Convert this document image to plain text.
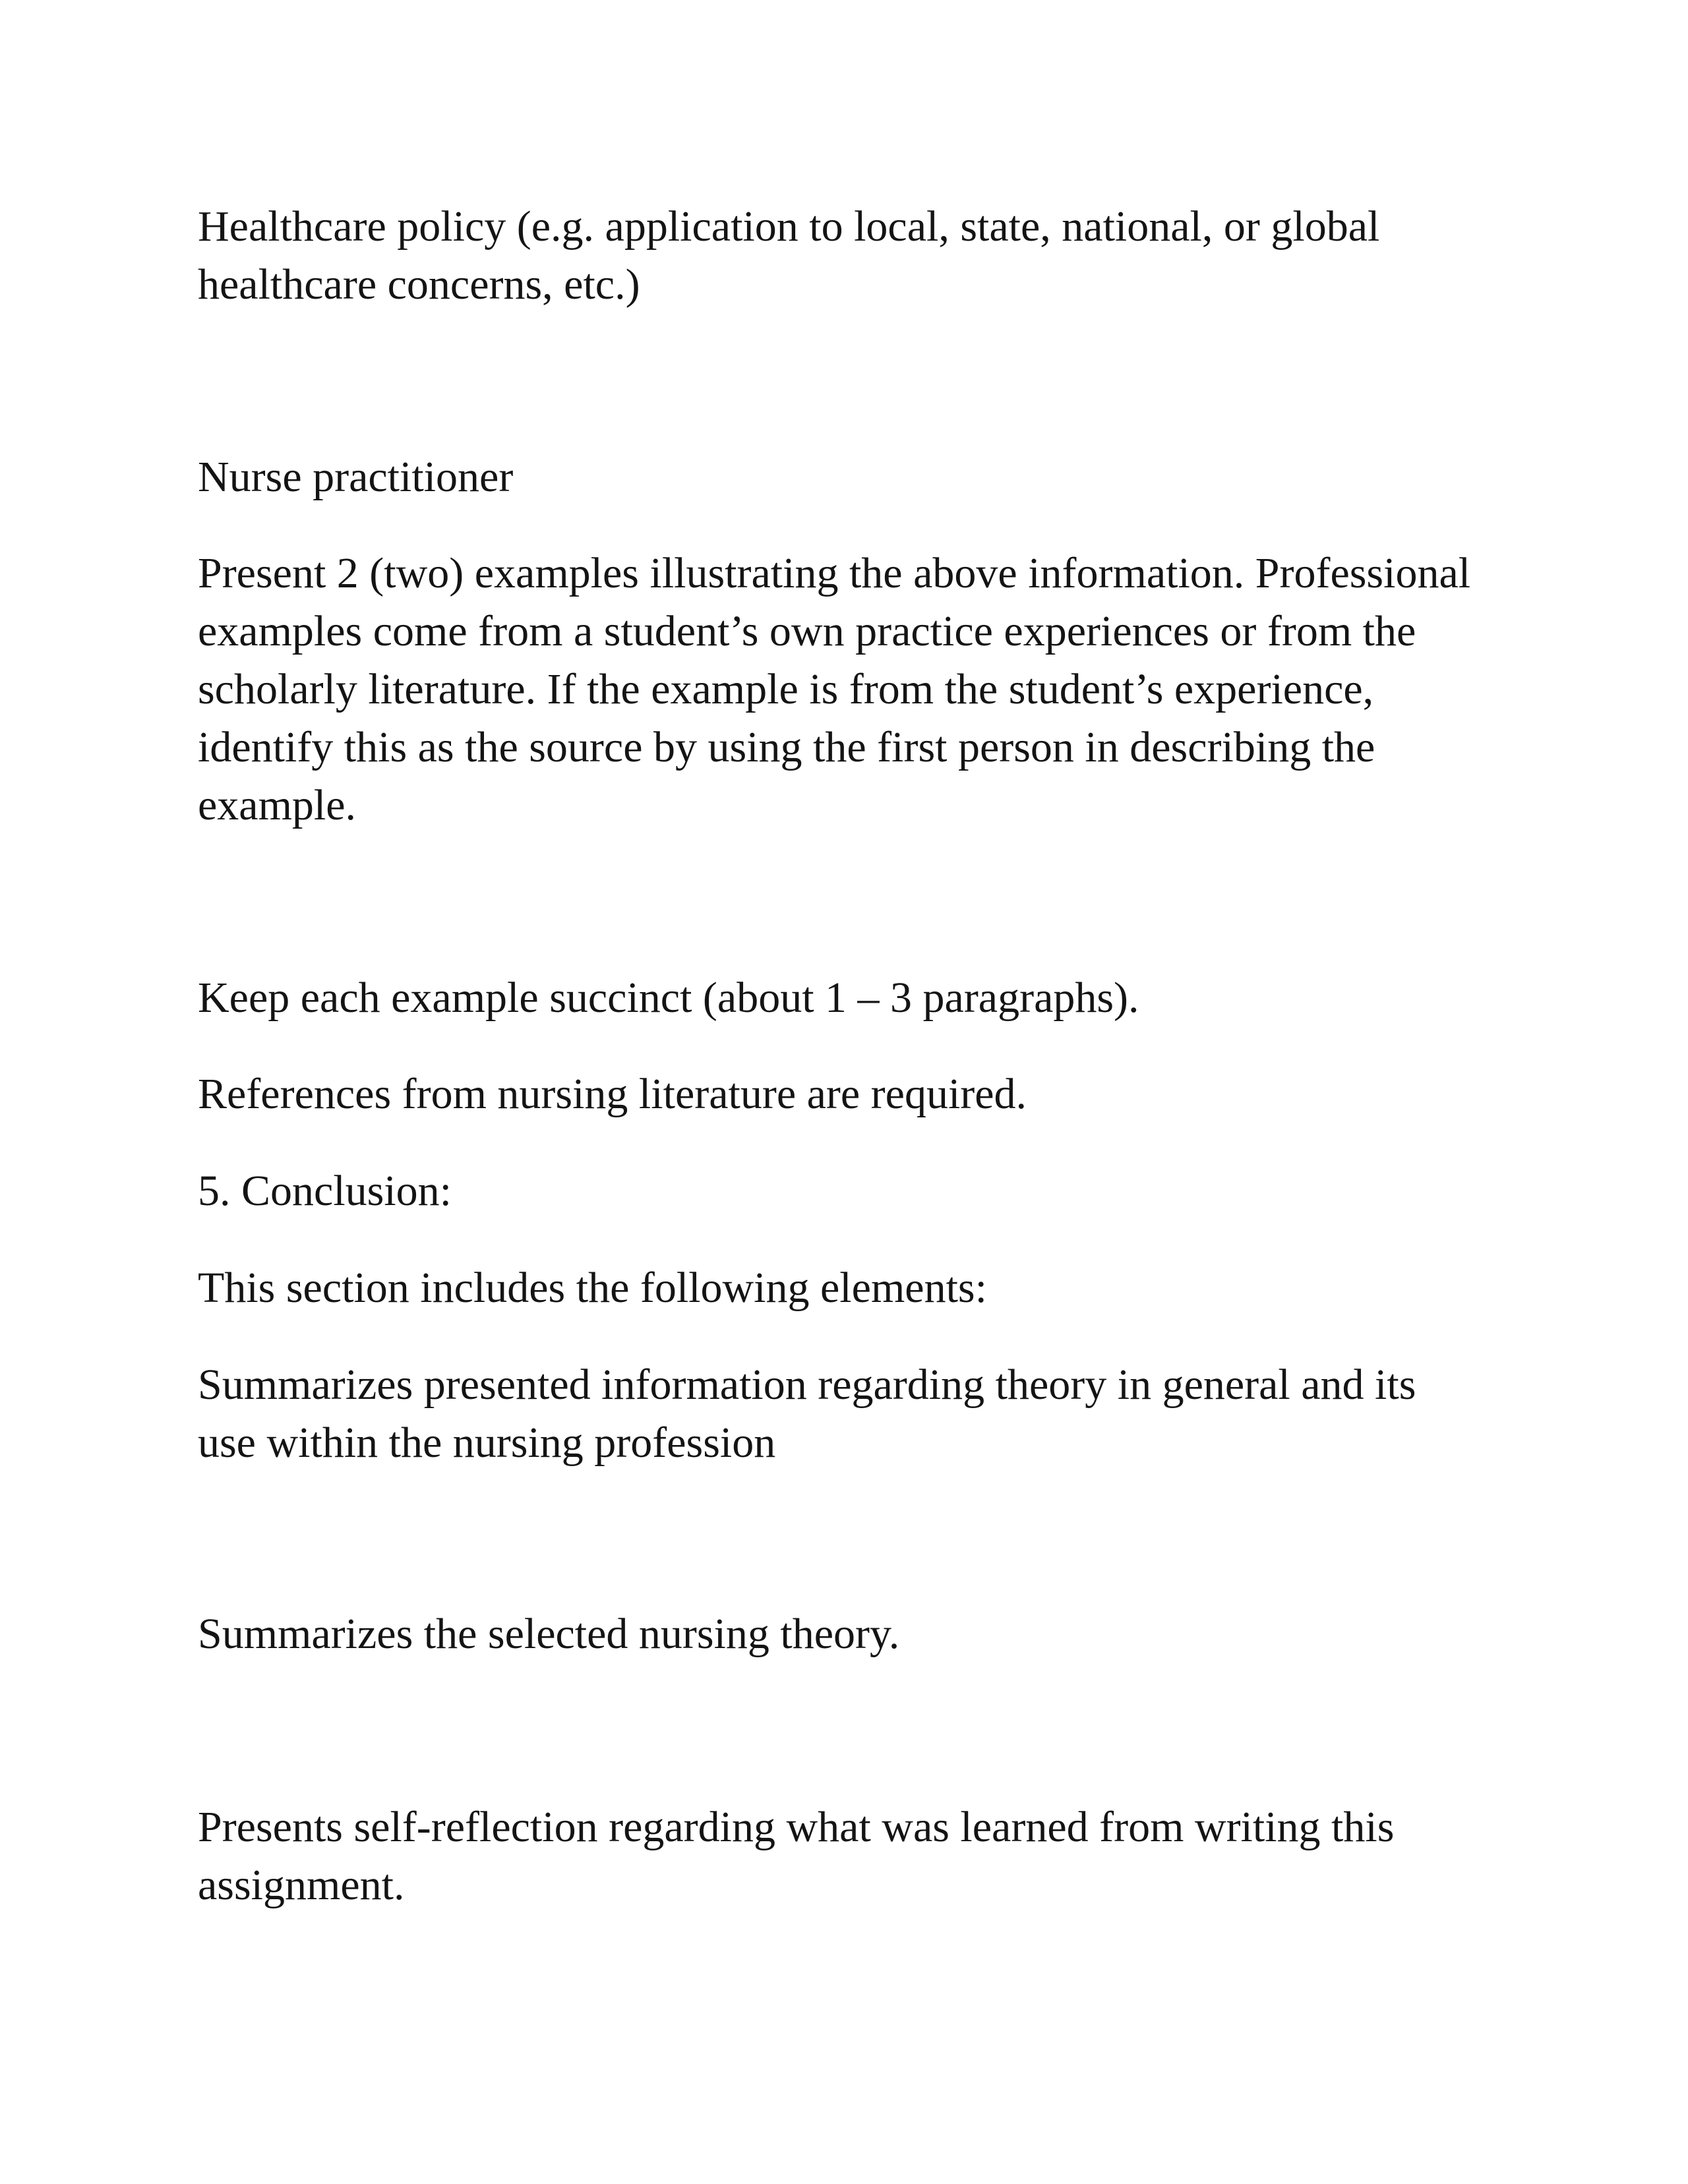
Healthcare policy (e.g. application to local, state, national, or global
healthcare concerns, etc.)

Nurse practitioner

Present 2 (two) examples illustrating the above information. Professional
examples come from a student’s own practice experiences or from the
scholarly literature. If the example is from the student’s experience,
identify this as the source by using the first person in describing the
example.

Keep each example succinct (about 1 – 3 paragraphs).

References from nursing literature are required.

5. Conclusion:

This section includes the following elements:

Summarizes presented information regarding theory in general and its
use within the nursing profession

Summarizes the selected nursing theory.

Presents self-reflection regarding what was learned from writing this
assignment.
